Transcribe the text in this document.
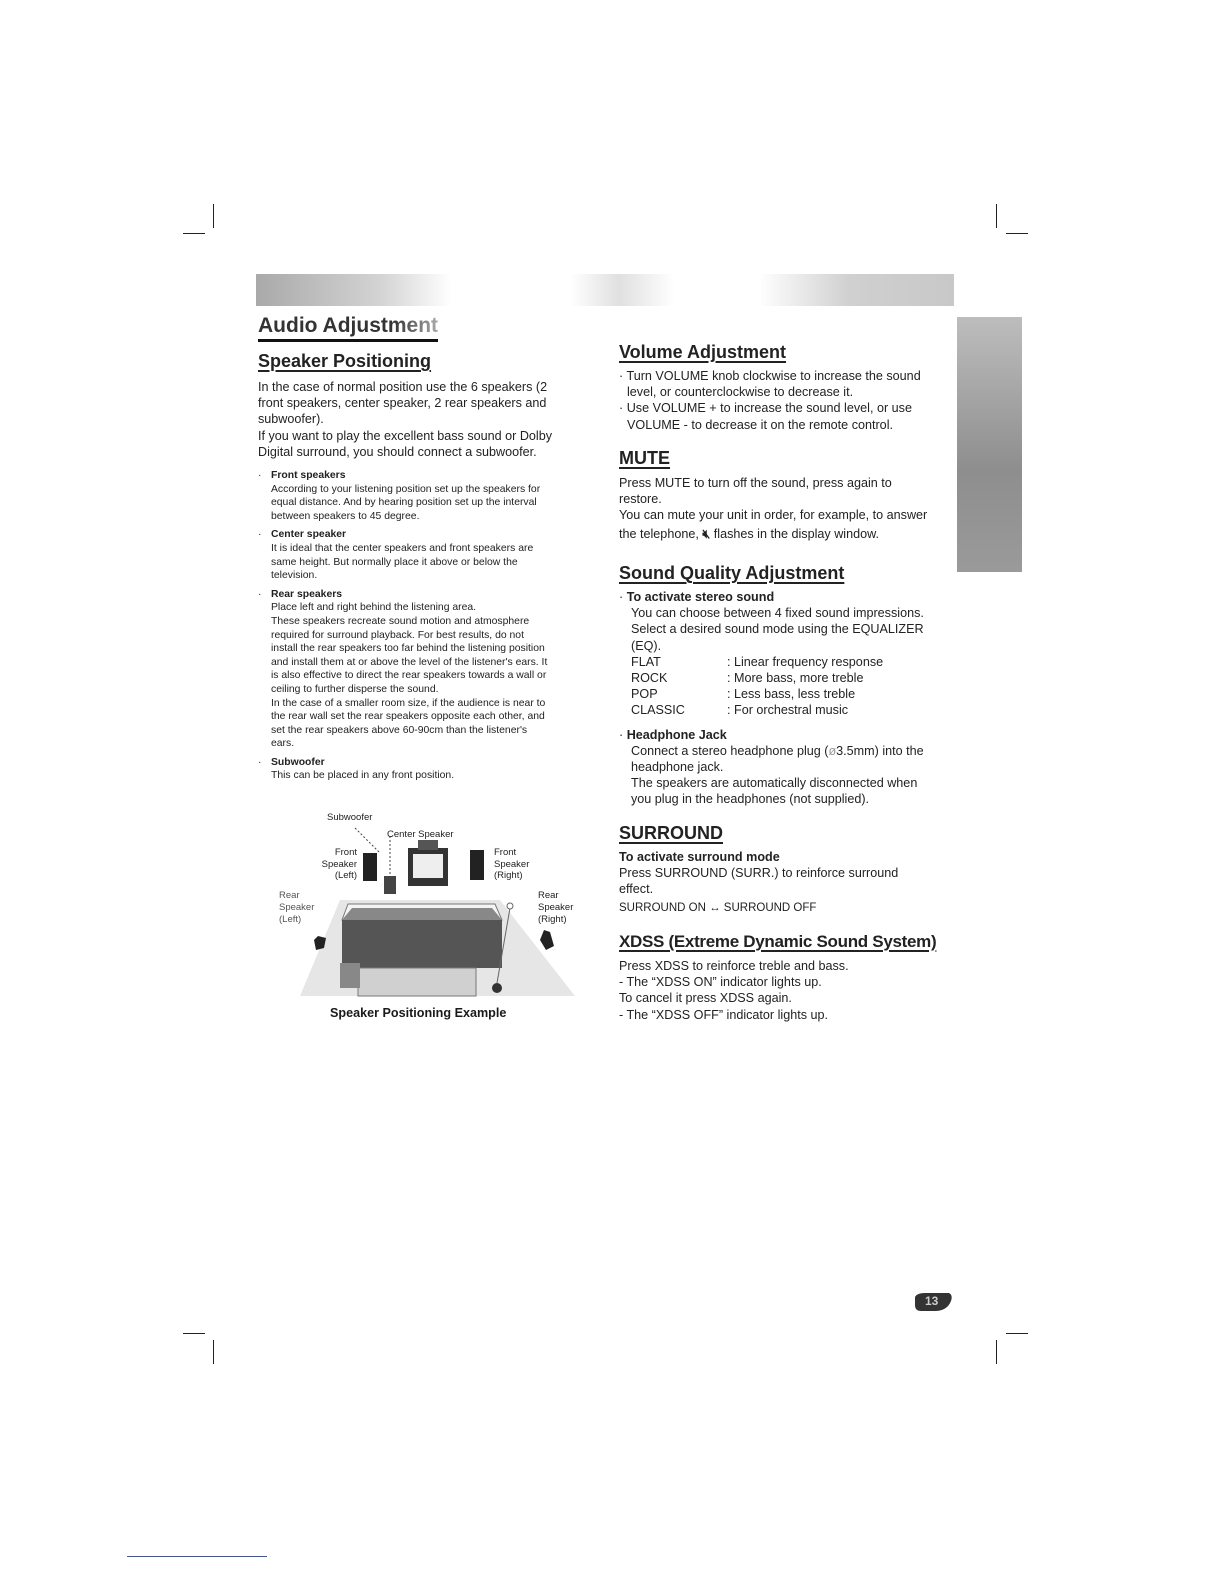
Audio Adjustment
Speaker Positioning
In the case of normal position use the 6 speakers (2
front speakers, center speaker, 2 rear speakers and
subwoofer).
If you want to play the excellent bass sound or Dolby
Digital surround, you should connect a subwoofer.
· Front speakers
According to your listening position set up the speakers for
equal distance. And by hearing position set up the interval
between speakers to 45 degree.
· Center speaker
It is ideal that the center speakers and front speakers are
same height. But normally place it above or below the
television.
· Rear speakers
Place left and right behind the listening area.
These speakers recreate sound motion and atmosphere
required for surround playback. For best results, do not
install the rear speakers too far behind the listening position
and install them at or above the level of the listener's ears. It
is also effective to direct the rear speakers towards a wall or
ceiling to further disperse the sound.
In the case of a smaller room size, if the audience is near to
the rear wall set the rear speakers opposite each other, and
set the rear speakers above 60-90cm than the listener's
ears.
· Subwoofer
This can be placed in any front position.
Subwoofer
Center Speaker
Front
Speaker
(Left)
Front
Speaker
(Right)
Rear
Speaker
(Left)
Rear
Speaker
(Right)
Speaker Positioning Example
Volume Adjustment
· Turn VOLUME knob clockwise to increase the sound
level, or counterclockwise to decrease it.
· Use VOLUME + to increase the sound level, or use
VOLUME - to decrease it on the remote control.
MUTE
Press MUTE to turn off the sound, press again to
restore.
You can mute your unit in order, for example, to answer
the telephone, 🔇︎ flashes in the display window.
Sound Quality Adjustment
· To activate stereo sound
You can choose between 4 fixed sound impressions.
Select a desired sound mode using the EQUALIZER
(EQ).
FLAT	: Linear frequency response
ROCK	: More bass, more treble
POP	: Less bass, less treble
CLASSIC	: For orchestral music
· Headphone Jack
Connect a stereo headphone plug (ø3.5mm) into the
headphone jack.
The speakers are automatically disconnected when
you plug in the headphones (not supplied).
SURROUND
To activate surround mode
Press SURROUND (SURR.) to reinforce surround
effect.
SURROUND ON ↔ SURROUND OFF
XDSS (Extreme Dynamic Sound System)
Press XDSS to reinforce treble and bass.
- The “XDSS ON” indicator lights up.
To cancel it press XDSS again.
- The “XDSS OFF” indicator lights up.
13
